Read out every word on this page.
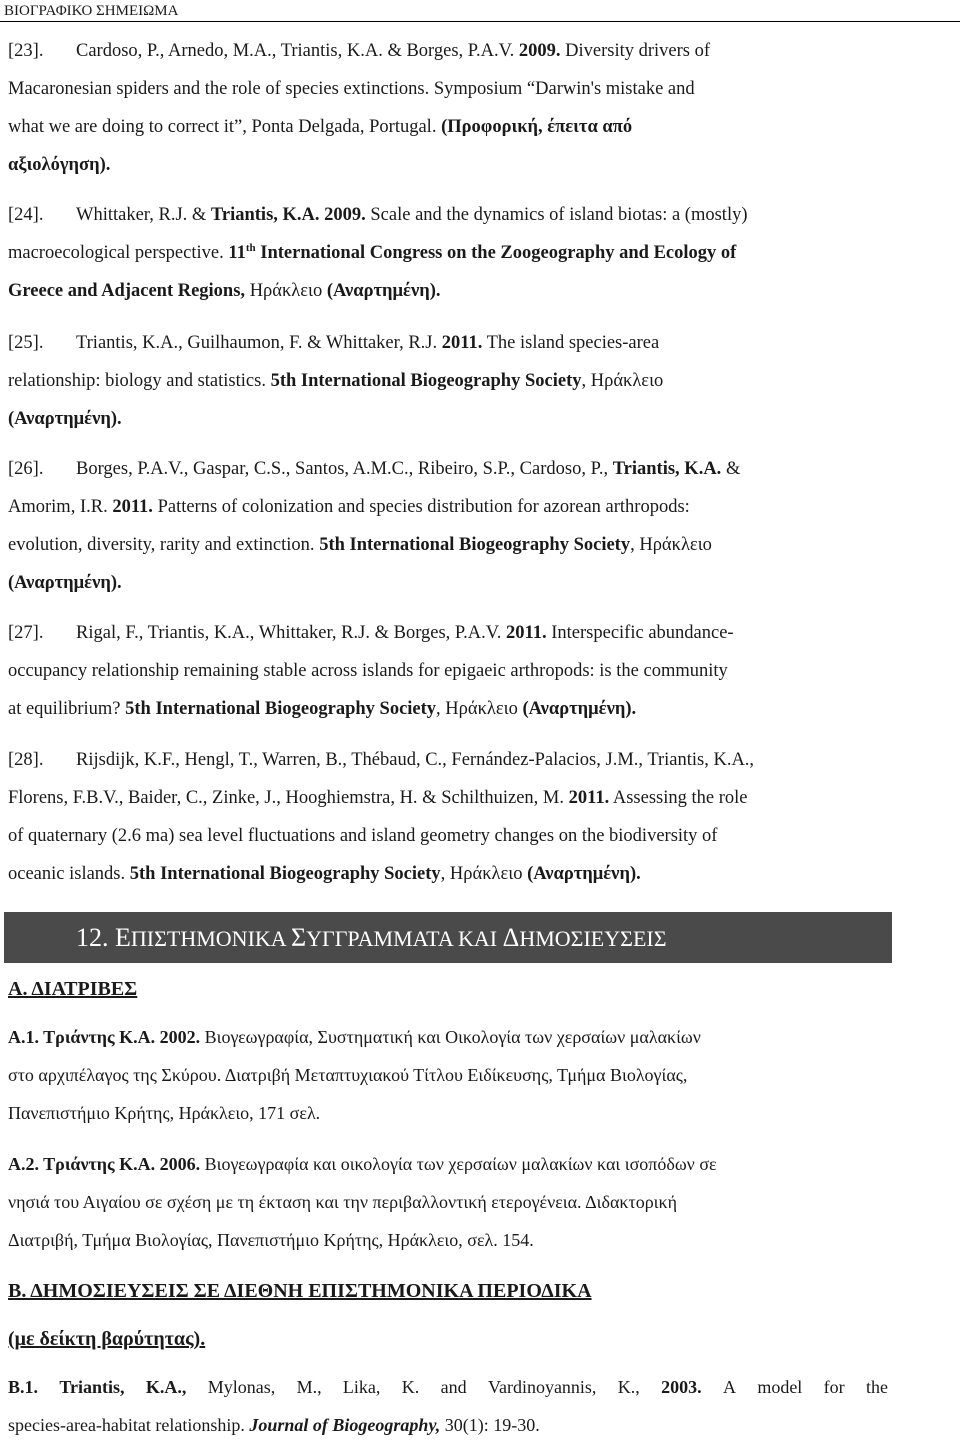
ΒΙΟΓΡΑΦΙΚΟ ΣΗΜΕΙΩΜΑ
[23]. Cardoso, P., Arnedo, M.A., Triantis, K.A. & Borges, P.A.V. 2009. Diversity drivers of
Macaronesian spiders and the role of species extinctions. Symposium “Darwin's mistake and
what we are doing to correct it”, Ponta Delgada, Portugal. (Προφορική, έπειτα από
αξιολόγηση).
[24]. Whittaker, R.J. & Triantis, K.A. 2009. Scale and the dynamics of island biotas: a (mostly)
macroecological perspective. 11th International Congress on the Zoogeography and Ecology of
Greece and Adjacent Regions, Ηράκλειο (Αναρτημένη).
[25]. Triantis, K.A., Guilhaumon, F. & Whittaker, R.J. 2011. The island species-area
relationship: biology and statistics. 5th International Biogeography Society, Ηράκλειο
(Αναρτημένη).
[26]. Borges, P.A.V., Gaspar, C.S., Santos, A.M.C., Ribeiro, S.P., Cardoso, P., Triantis, K.A. &
Amorim, I.R. 2011. Patterns of colonization and species distribution for azorean arthropods:
evolution, diversity, rarity and extinction. 5th International Biogeography Society, Ηράκλειο
(Αναρτημένη).
[27]. Rigal, F., Triantis, K.A., Whittaker, R.J. & Borges, P.A.V. 2011. Interspecific abundance-
occupancy relationship remaining stable across islands for epigaeic arthropods: is the community
at equilibrium? 5th International Biogeography Society, Ηράκλειο (Αναρτημένη).
[28]. Rijsdijk, K.F., Hengl, T., Warren, B., Thébaud, C., Fernández-Palacios, J.M., Triantis, K.A.,
Florens, F.B.V., Baider, C., Zinke, J., Hooghiemstra, H. & Schilthuizen, M. 2011. Assessing the role
of quaternary (2.6 ma) sea level fluctuations and island geometry changes on the biodiversity of
oceanic islands. 5th International Biogeography Society, Ηράκλειο (Αναρτημένη).
12. ΕΠΙΣΤΗΜΟΝΙΚΑ ΣΥΓΓΡΑΜΜΑΤΑ ΚΑΙ ΔΗΜΟΣΙΕΥΣΕΙΣ
Α. ΔΙΑΤΡΙΒΕΣ
Α.1. Τριάντης Κ.Α. 2002. Βιογεωγραφία, Συστηματική και Οικολογία των χερσαίων μαλακίων
στο αρχιπέλαγος της Σκύρου. Διατριβή Μεταπτυχιακού Τίτλου Ειδίκευσης, Τμήμα Βιολογίας,
Πανεπιστήμιο Κρήτης, Ηράκλειο, 171 σελ.
Α.2. Τριάντης Κ.Α. 2006. Βιογεωγραφία και οικολογία των χερσαίων μαλακίων και ισοπόδων σε
νησιά του Αιγαίου σε σχέση με τη έκταση και την περιβαλλοντική ετερογένεια. Διδακτορική
Διατριβή, Τμήμα Βιολογίας, Πανεπιστήμιο Κρήτης, Ηράκλειο, σελ. 154.
Β. ΔΗΜΟΣΙΕΥΣΕΙΣ ΣΕ ΔΙΕΘΝΗ ΕΠΙΣΤΗΜΟΝΙΚΑ ΠΕΡΙΟΔΙΚΑ
(με δείκτη βαρύτητας).
Β.1. Triantis, K.A., Mylonas, M., Lika, K. and Vardinoyannis, K., 2003. A model for the
species-area-habitat relationship. Journal of Biogeography, 30(1): 19-30.
